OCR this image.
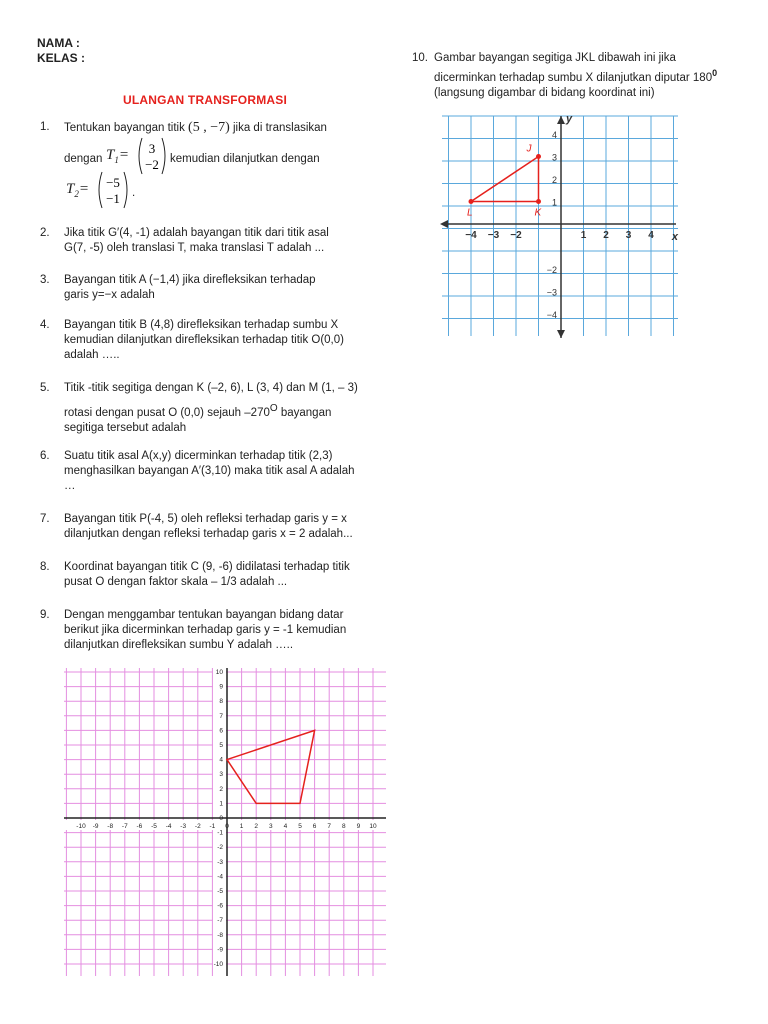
NAMA :
KELAS :
ULANGAN TRANSFORMASI
1. Tentukan bayangan titik (5 , −7) jika di translasikan
dengan $T_1= 3$
−2 kemudian dilanjutkan dengan
$T_2= -5$
−1 .
2. Jika titik G′(4, -1) adalah bayangan titik dari titik asal
G(7, -5) oleh translasi T, maka translasi T adalah ...
3. Bayangan titik A (−1,4) jika direfleksikan terhadap
garis y=−x adalah
4. Bayangan titik B (4,8) direfleksikan terhadap sumbu X
kemudian dilanjutkan direfleksikan terhadap titik O(0,0)
adalah …..
5. Titik -titik segitiga dengan K (–2, 6), L (3, 4) dan M (1, – 3)
rotasi dengan pusat O (0,0) sejauh $-270^O$ bayangan
segitiga tersebut adalah
6. Suatu titik asal A(x,y) dicerminkan terhadap titik (2,3)
menghasilkan bayangan A′(3,10) maka titik asal A adalah
…
7. Bayangan titik P(-4, 5) oleh refleksi terhadap garis y = x
dilanjutkan dengan refleksi terhadap garis x = 2 adalah...
8. Koordinat bayangan titik C (9, -6) didilatasi terhadap titik
pusat O dengan faktor skala – 1/3 adalah ...
9. Dengan menggambar tentukan bayangan bidang datar
berikut jika dicerminkan terhadap garis y = -1 kemudian
dilanjutkan direfleksikan sumbu Y adalah …..
10. Gambar bayangan segitiga JKL dibawah ini jika
dicerminkan terhadap sumbu X dilanjutkan diputar $180^0$
(langsung digambar di bidang koordinat ini)
−4 −3 −2	1 2 3 4
4
3
2
1
−2
−3
−4
x
y
J
K
L
-10 -9 -8 -7 -6 -5 -4 -3 -2 -1 0 1 2 3 4 5 6 7 8 9 10
10
9
8
7
6
5
4
3
2
1
0
-1
-2
-3
-4
-5
-6
-7
-8
-9
-10
